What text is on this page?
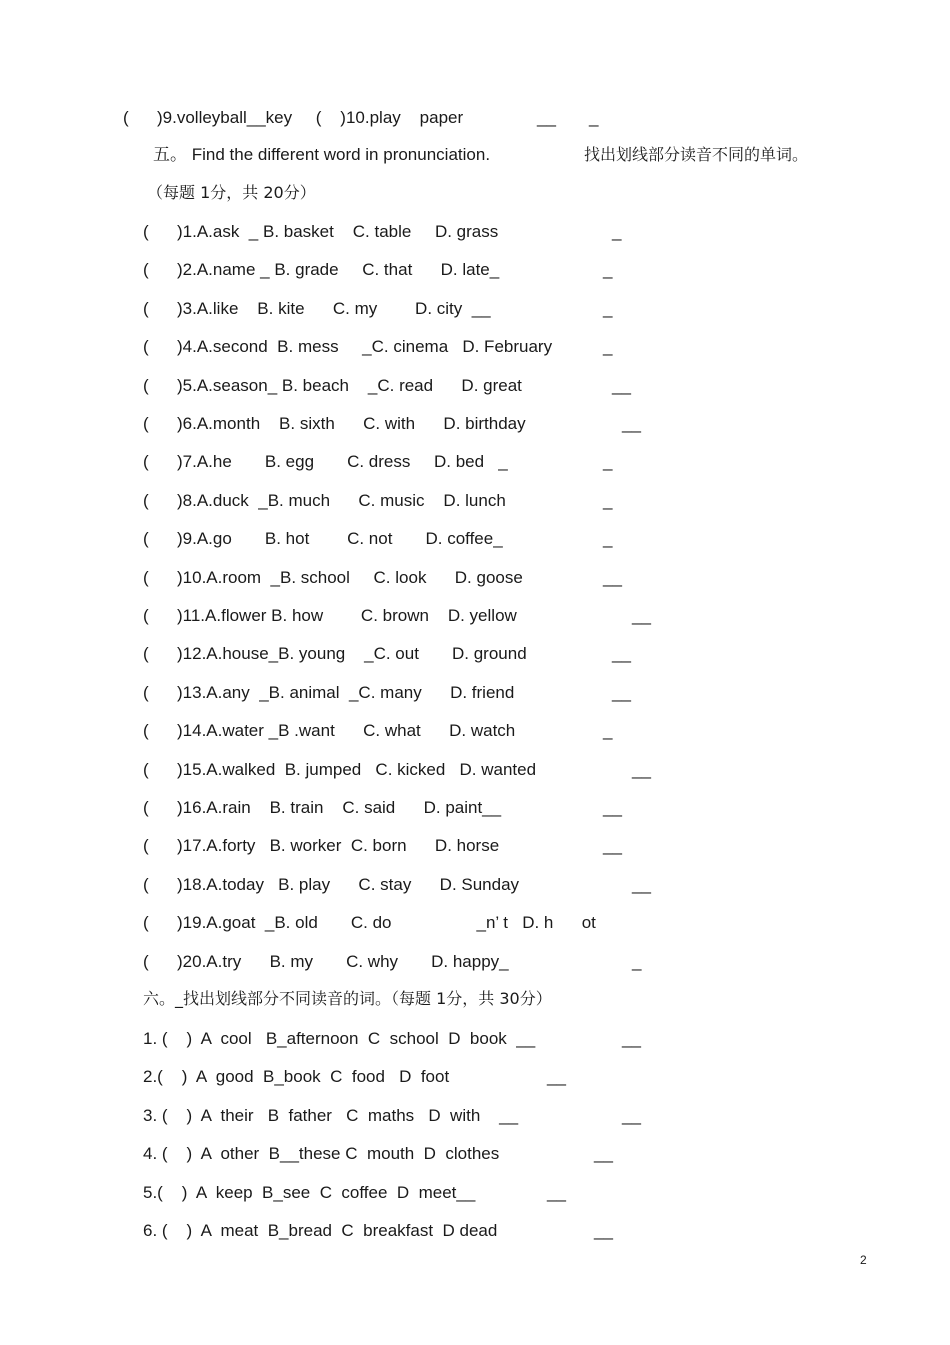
(      )9.volleyball__key     (    )10.play    paper	__       _
五。 Find the different word in pronunciation.	找出划线部分读音不同的单词。
（每题 1分，共 20分）
(      )1.A.ask  _ B. basket    C. table     D. grass	_
(      )2.A.name _ B. grade     C. that      D. late_	_
(      )3.A.like    B. kite      C. my        D. city  __	_
(      )4.A.second  B. mess     _C. cinema   D. February	_
(      )5.A.season_ B. beach    _C. read      D. great	__
(      )6.A.month    B. sixth      C. with      D. birthday	__
(      )7.A.he       B. egg       C. dress     D. bed   _	_
(      )8.A.duck  _B. much      C. music    D. lunch	_
(      )9.A.go       B. hot        C. not       D. coffee_	_
(      )10.A.room  _B. school     C. look      D. goose	__
(      )11.A.flower B. how        C. brown    D. yellow	__
(      )12.A.house_B. young    _C. out       D. ground	__
(      )13.A.any  _B. animal  _C. many      D. friend	__
(      )14.A.water _B .want      C. what      D. watch	_
(      )15.A.walked  B. jumped   C. kicked   D. wanted	__
(      )16.A.rain    B. train    C. said      D. paint__	__
(      )17.A.forty   B. worker  C. born      D. horse	__
(      )18.A.today   B. play      C. stay      D. Sunday	__
(      )19.A.goat  _B. old       C. do                  _n’ t   D. h      ot
(      )20.A.try      B. my       C. why       D. happy_	_
六。_找出划线部分不同读音的词。（每题 1分，共 30分）
1. (    )  A  cool   B_afternoon  C  school  D  book  __	__
2.(    )  A  good  B_book  C  food   D  foot	__
3. (    )  A  their   B  father   C  maths   D  with    __	__
4. (    )  A  other  B__these C  mouth  D  clothes	__
5.(    )  A  keep  B_see  C  coffee  D  meet__	__
6. (    )  A  meat  B_bread  C  breakfast  D dead	__
2
